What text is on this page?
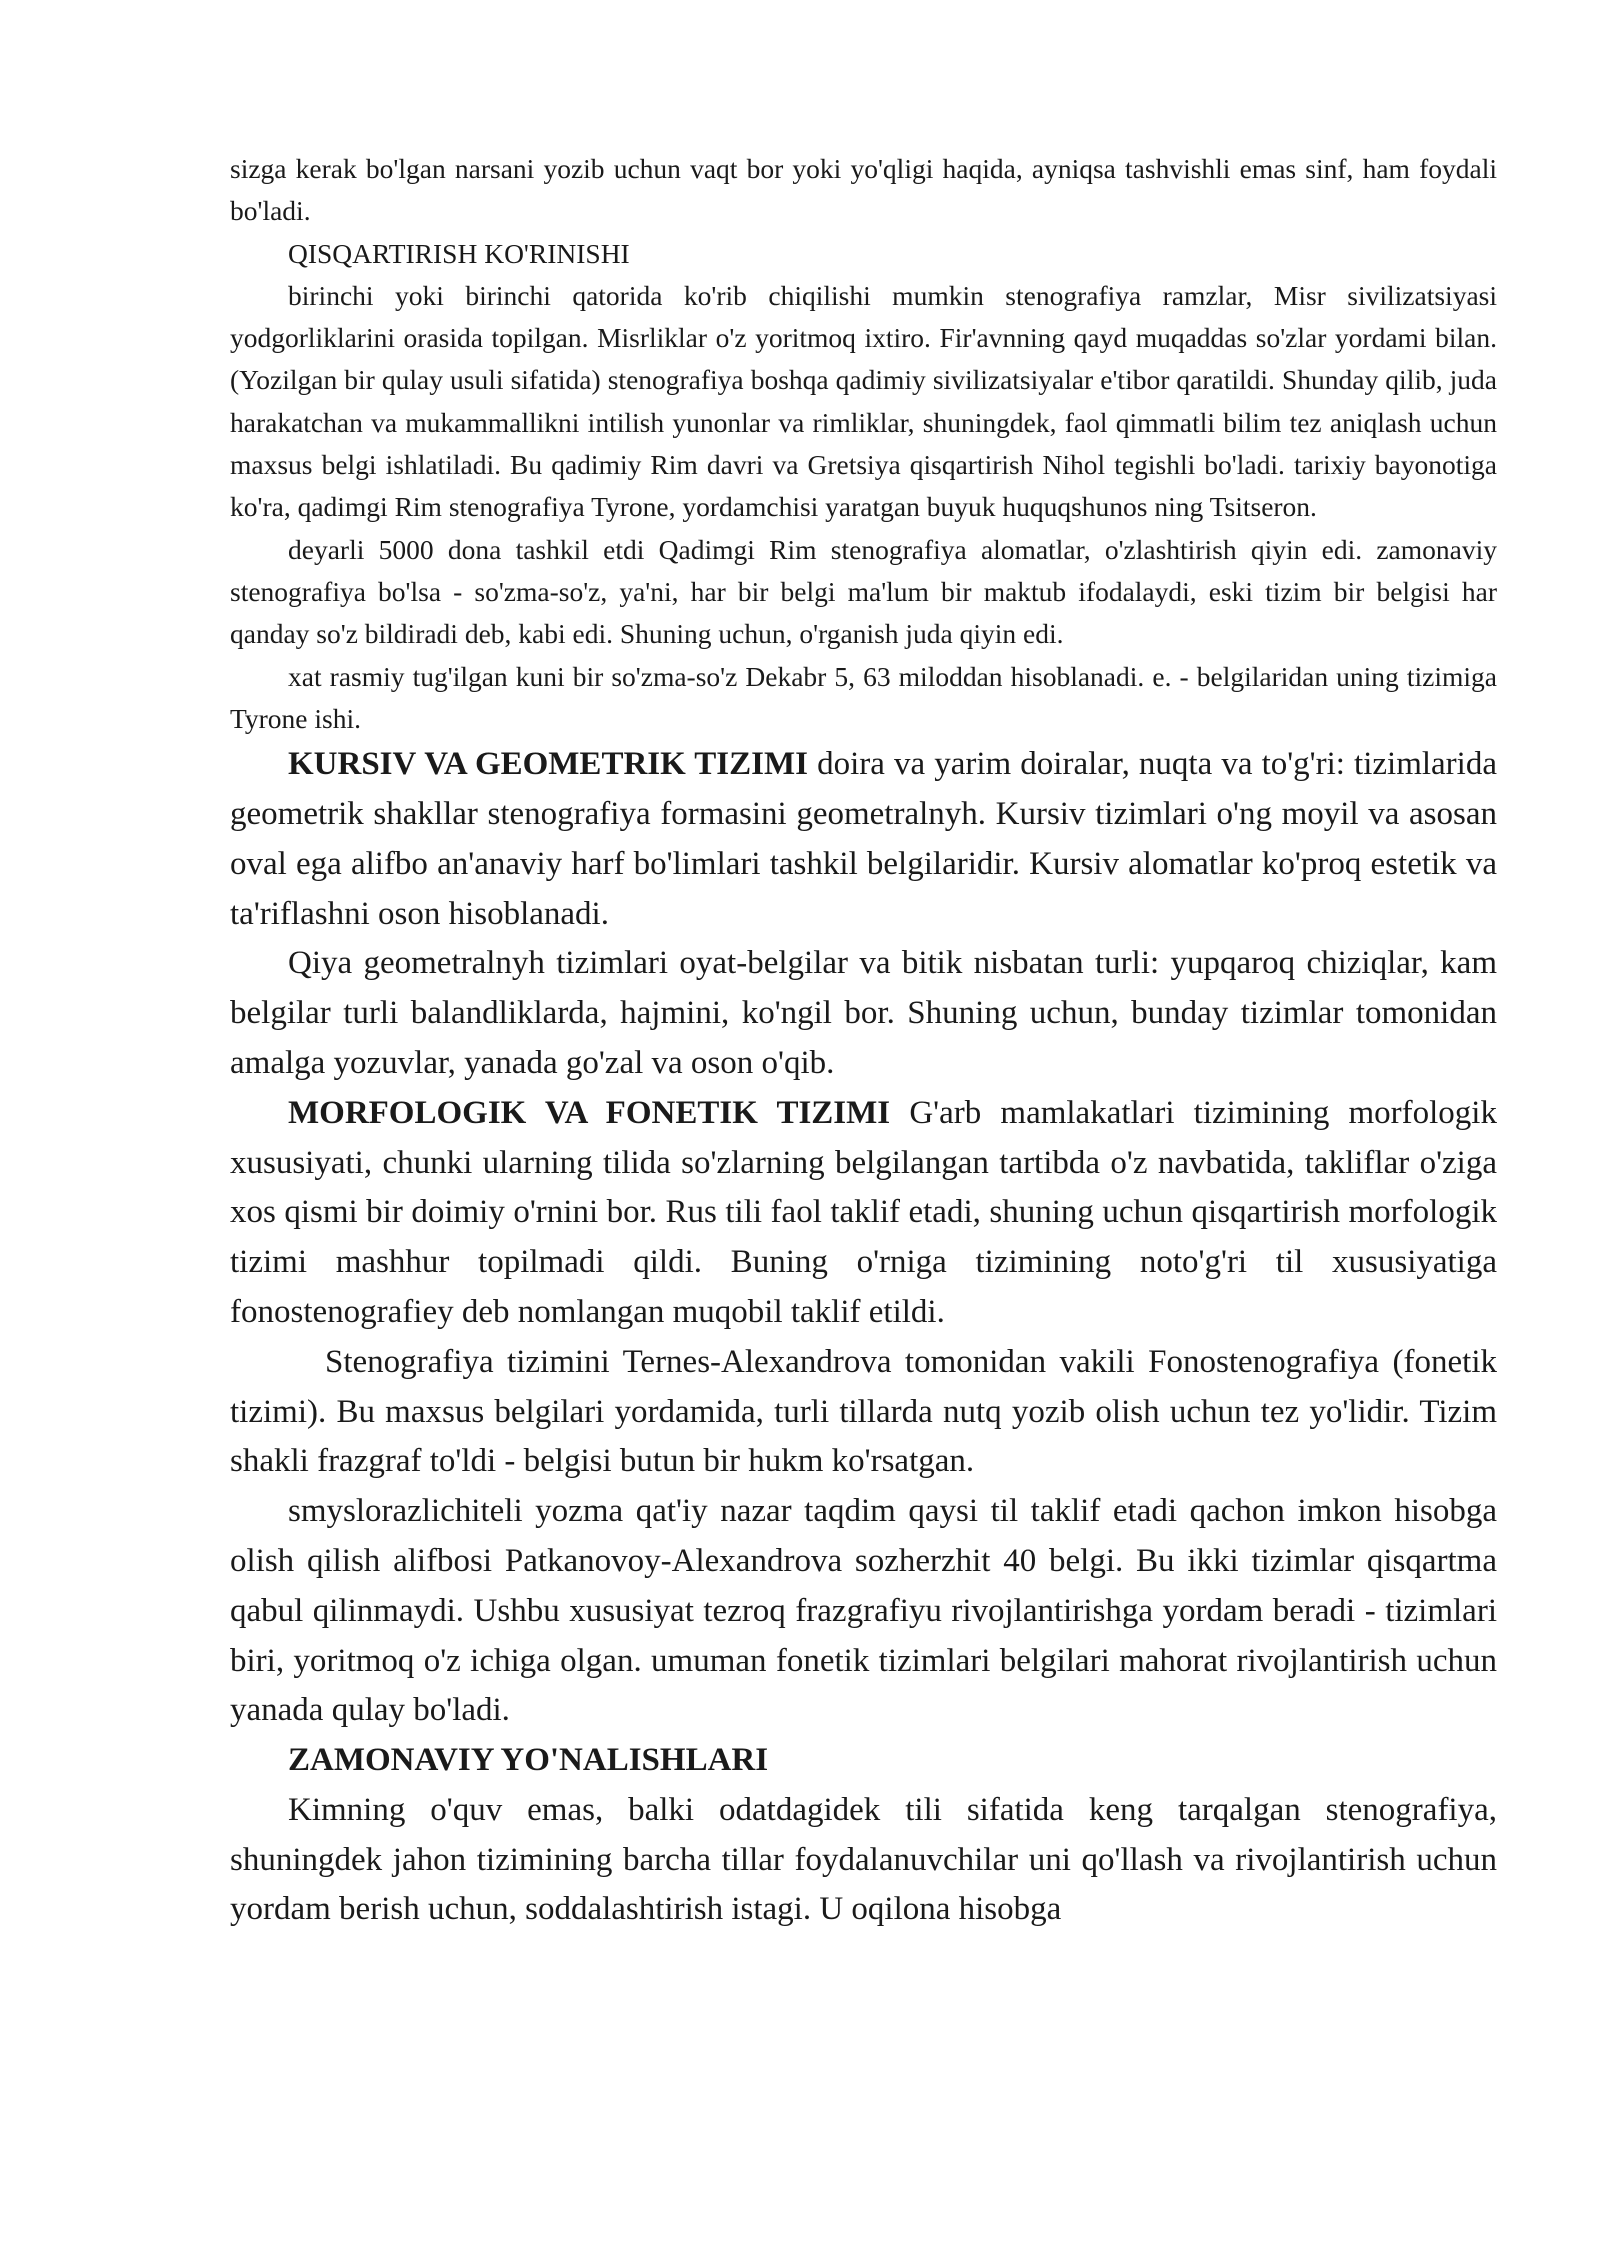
sizga kerak bo'lgan narsani yozib uchun vaqt bor yoki yo'qligi haqida, ayniqsa tashvishli emas sinf, ham foydali bo'ladi.

QISQARTIRISH KO'RINISHI

birinchi yoki birinchi qatorida ko'rib chiqilishi mumkin stenografiya ramzlar, Misr sivilizatsiyasi yodgorliklarini orasida topilgan. Misrliklar o'z yoritmoq ixtiro. Fir'avnning qayd muqaddas so'zlar yordami bilan. (Yozilgan bir qulay usuli sifatida) stenografiya boshqa qadimiy sivilizatsiyalar e'tibor qaratildi. Shunday qilib, juda harakatchan va mukammallikni intilish yunonlar va rimliklar, shuningdek, faol qimmatli bilim tez aniqlash uchun maxsus belgi ishlatiladi. Bu qadimiy Rim davri va Gretsiya qisqartirish Nihol tegishli bo'ladi. tarixiy bayonotiga ko'ra, qadimgi Rim stenografiya Tyrone, yordamchisi yaratgan buyuk huquqshunos ning Tsitseron.

deyarli 5000 dona tashkil etdi Qadimgi Rim stenografiya alomatlar, o'zlashtirish qiyin edi. zamonaviy stenografiya bo'lsa - so'zma-so'z, ya'ni, har bir belgi ma'lum bir maktub ifodalaydi, eski tizim bir belgisi har qanday so'z bildiradi deb, kabi edi. Shuning uchun, o'rganish juda qiyin edi.

xat rasmiy tug'ilgan kuni bir so'zma-so'z Dekabr 5, 63 miloddan hisoblanadi. e. - belgilaridan uning tizimiga Tyrone ishi.

KURSIV VA GEOMETRIK TIZIMI doira va yarim doiralar, nuqta va to'g'ri: tizimlarida geometrik shakllar stenografiya formasini geometralnyh. Kursiv tizimlari o'ng moyil va asosan oval ega alifbo an'anaviy harf bo'limlari tashkil belgilaridir. Kursiv alomatlar ko'proq estetik va ta'riflashni oson hisoblanadi.

Qiya geometralnyh tizimlari oyat-belgilar va bitik nisbatan turli: yupqaroq chiziqlar, kam belgilar turli balandliklarda, hajmini, ko'ngil bor. Shuning uchun, bunday tizimlar tomonidan amalga yozuvlar, yanada go'zal va oson o'qib.

MORFOLOGIK VA FONETIK TIZIMI G'arb mamlakatlari tizimining morfologik xususiyati, chunki ularning tilida so'zlarning belgilangan tartibda o'z navbatida, takliflar o'ziga xos qismi bir doimiy o'rnini bor. Rus tili faol taklif etadi, shuning uchun qisqartirish morfologik tizimi mashhur topilmadi qildi. Buning o'rniga tizimining noto'g'ri til xususiyatiga fonostenografiey deb nomlangan muqobil taklif etildi.

Stenografiya tizimini Ternes-Alexandrova tomonidan vakili Fonostenografiya (fonetik tizimi). Bu maxsus belgilari yordamida, turli tillarda nutq yozib olish uchun tez yo'lidir. Tizim shakli frazgraf to'ldi - belgisi butun bir hukm ko'rsatgan.

smyslorazlichiteli yozma qat'iy nazar taqdim qaysi til taklif etadi qachon imkon hisobga olish qilish alifbosi Patkanovoy-Alexandrova sozherzhit 40 belgi. Bu ikki tizimlar qisqartma qabul qilinmaydi. Ushbu xususiyat tezroq frazgrafiyu rivojlantirishga yordam beradi - tizimlari biri, yoritmoq o'z ichiga olgan. umuman fonetik tizimlari belgilari mahorat rivojlantirish uchun yanada qulay bo'ladi.

ZAMONAVIY YO'NALISHLARI

Kimning o'quv emas, balki odatdagidek tili sifatida keng tarqalgan stenografiya, shuningdek jahon tizimining barcha tillar foydalanuvchilar uni qo'llash va rivojlantirish uchun yordam berish uchun, soddalashtirish istagi. U oqilona hisobga
